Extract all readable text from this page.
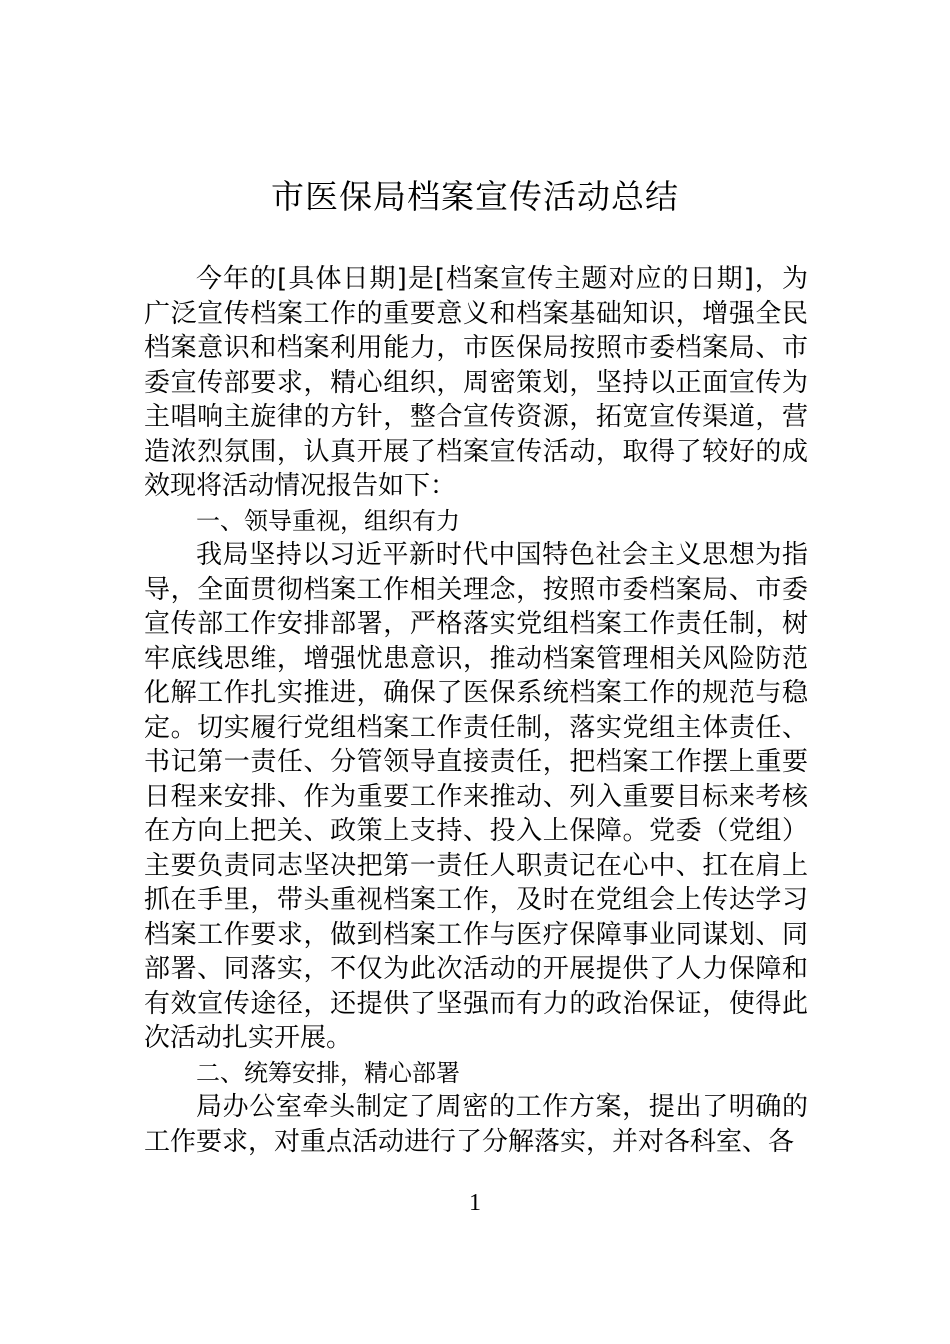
市医保局档案宣传活动总结

今年的[具体日期]是[档案宣传主题对应的日期]，为广泛宣传档案工作的重要意义和档案基础知识，增强全民档案意识和档案利用能力，市医保局按照市委档案局、市委宣传部要求，精心组织，周密策划，坚持以正面宣传为主唱响主旋律的方针，整合宣传资源，拓宽宣传渠道，营造浓烈氛围，认真开展了档案宣传活动，取得了较好的成效现将活动情况报告如下：

一、领导重视，组织有力

我局坚持以习近平新时代中国特色社会主义思想为指导，全面贯彻档案工作相关理念，按照市委档案局、市委宣传部工作安排部署，严格落实党组档案工作责任制，树牢底线思维，增强忧患意识，推动档案管理相关风险防范化解工作扎实推进，确保了医保系统档案工作的规范与稳定。切实履行党组档案工作责任制，落实党组主体责任、书记第一责任、分管领导直接责任，把档案工作摆上重要日程来安排、作为重要工作来推动、列入重要目标来考核在方向上把关、政策上支持、投入上保障。党委（党组）主要负责同志坚决把第一责任人职责记在心中、扛在肩上抓在手里，带头重视档案工作，及时在党组会上传达学习档案工作要求，做到档案工作与医疗保障事业同谋划、同部署、同落实，不仅为此次活动的开展提供了人力保障和有效宣传途径，还提供了坚强而有力的政治保证，使得此次活动扎实开展。

二、统筹安排，精心部署

局办公室牵头制定了周密的工作方案，提出了明确的工作要求，对重点活动进行了分解落实，并对各科室、各

1
